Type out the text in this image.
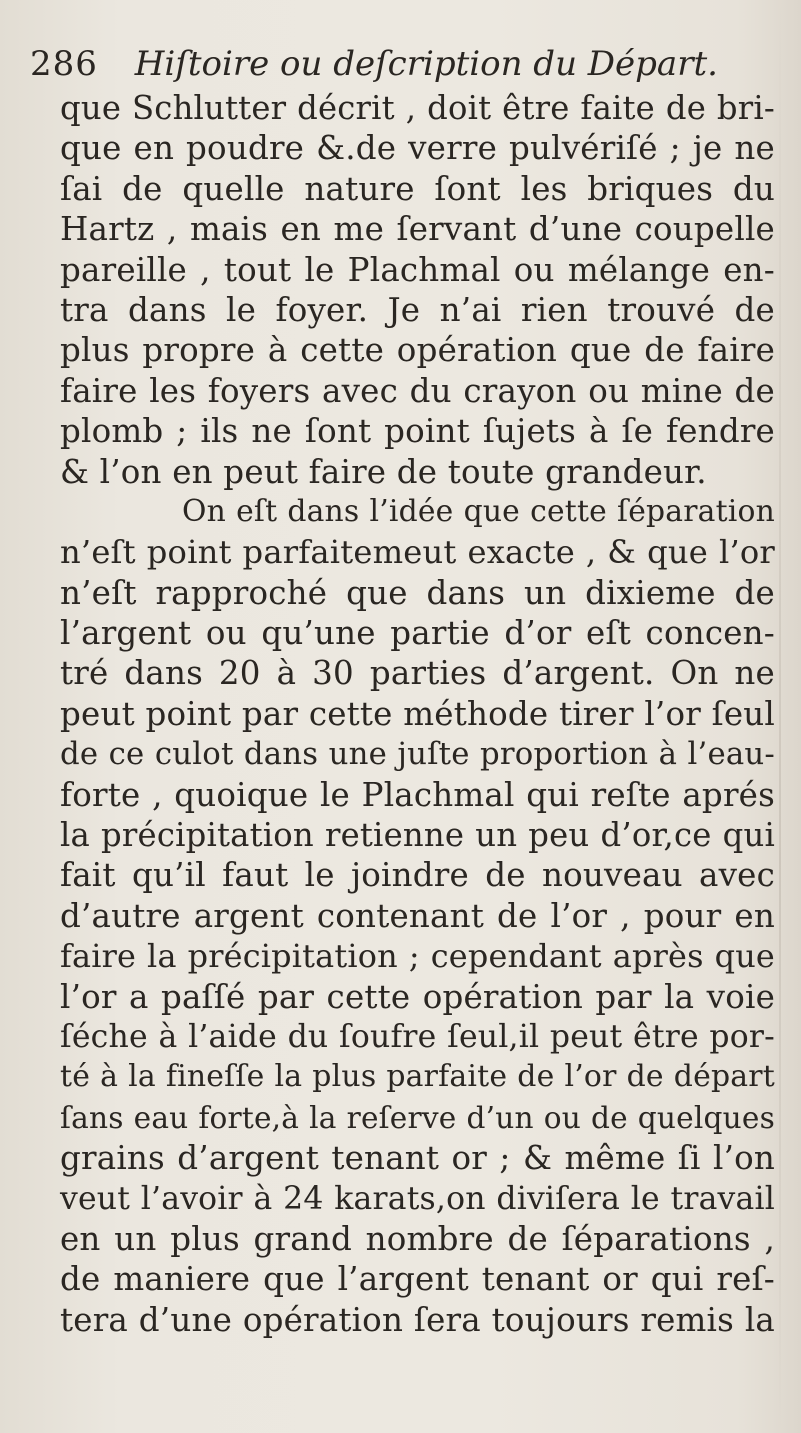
286 Hiſtoire ou deſcription du Départ.
que Schlutter décrit , doit être faite de bri-
que en poudre &.de verre pulvériſé ; je ne
ſai de quelle nature ſont les briques du
Hartz , mais en me ſervant d’une coupelle
pareille , tout le Plachmal ou mélange en-
tra dans le foyer. Je n’ai rien trouvé de
plus propre à cette opération que de faire
faire les foyers avec du crayon ou mine de
plomb ; ils ne ſont point ſujets à ſe fendre
& l’on en peut faire de toute grandeur.
On eſt dans l’idée que cette ſéparation
n’eſt point parfaitemeut exacte , & que l’or
n’eſt rapproché que dans un dixieme de
l’argent ou qu’une partie d’or eſt concen-
tré dans 20 à 30 parties d’argent. On ne
peut point par cette méthode tirer l’or ſeul
de ce culot dans une juſte proportion à l’eau-
forte , quoique le Plachmal qui reſte aprés
la précipitation retienne un peu d’or,ce qui
fait qu’il faut le joindre de nouveau avec
d’autre argent contenant de l’or , pour en
faire la précipitation ; cependant après que
l’or a paſſé par cette opération par la voie
ſéche à l’aide du ſoufre ſeul,il peut être por-
té à la fineſſe la plus parfaite de l’or de départ
ſans eau forte,à la reſerve d’un ou de quelques
grains d’argent tenant or ; & même ſi l’on
veut l’avoir à 24 karats,on diviſera le travail
en un plus grand nombre de ſéparations ,
de maniere que l’argent tenant or qui reſ-
tera d’une opération ſera toujours remis la
